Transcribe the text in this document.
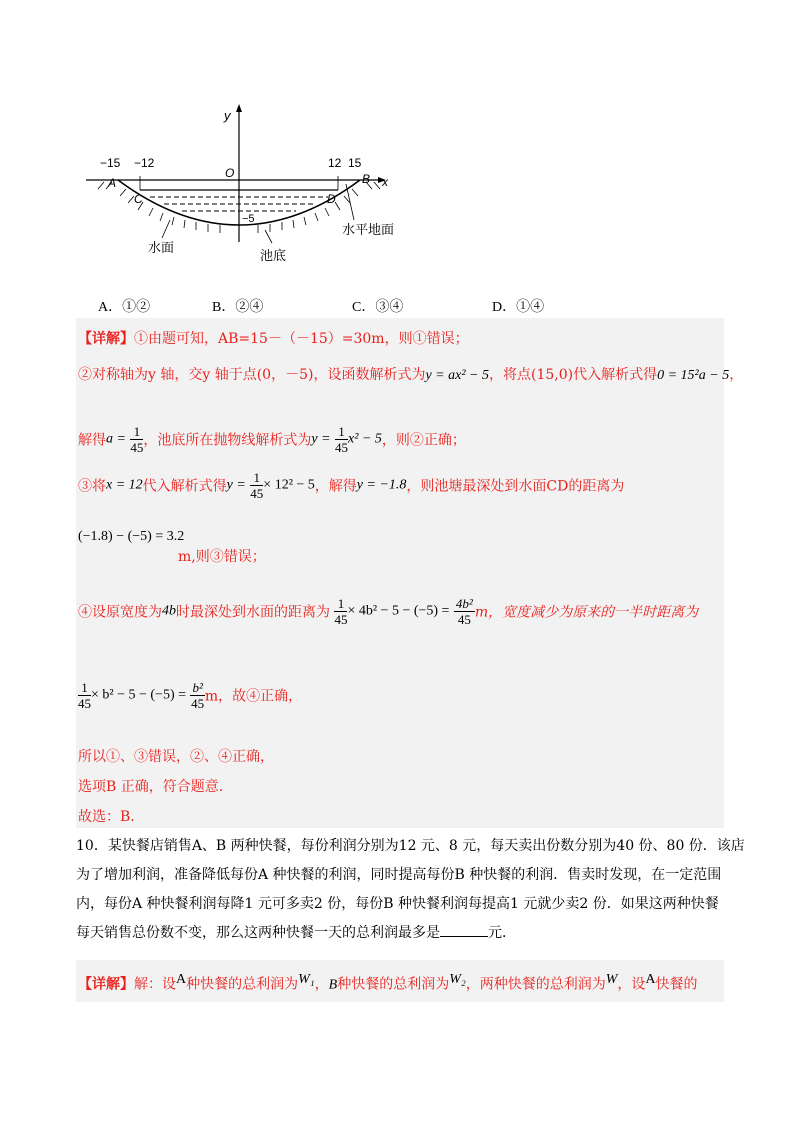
y
x
−15 −12	12 15
A	B
C	D
O
−5
水面
池底
水平地面
A．①②	B．②④	C．③④	D．①④
【详解】①由题可知，AB=15－（－15）=30m，则①错误；
②对称轴为y 轴，交y 轴于点(0，－5)，设函数解析式为y = ax² − 5，将点(15,0)代入解析式得0 = 15²a − 5，
解得$a = \frac{1}{45}$ ，池底所在抛物线解析式为$y = \frac{1}{45} x^2 - 5$，则②正确；
③将x = 12代入解析式得$y = \frac{1}{45} \times 12^2 - 5$，解得y = −1.8，则池塘最深处到水面CD的距离为
(−1.8) − (−5) = 3.2
m,则③错误；
④设原宽度为4b时最深处到水面的距离为 $\frac{1}{45} \times 4b^2 - 5 - (-5) = \frac{\text{4b²}}{45}$ m，宽度减少为原来的一半时距离为
$\frac{1}{45} \times b^2 - 5 - (-5) = \frac{\text{b²}}{45}$ m，故④正确，
所以①、③错误，②、④正确，
选项B 正确，符合题意.
故选：B．
10．某快餐店销售A、B 两种快餐，每份利润分别为12 元、8 元，每天卖出份数分别为40 份、80 份．该店
为了增加利润，准备降低每份A 种快餐的利润，同时提高每份B 种快餐的利润．售卖时发现，在一定范围
内，每份A 种快餐利润每降1 元可多卖2 份，每份B 种快餐利润每提高1 元就少卖2 份．如果这两种快餐
每天销售总份数不变，那么这两种快餐一天的总利润最多是	元．
【详解】解：设$^A$种快餐的总利润为$^{W_1}$，B种快餐的总利润为$^{W_2}$，两种快餐的总利润为$^W$，设$^A$快餐的
